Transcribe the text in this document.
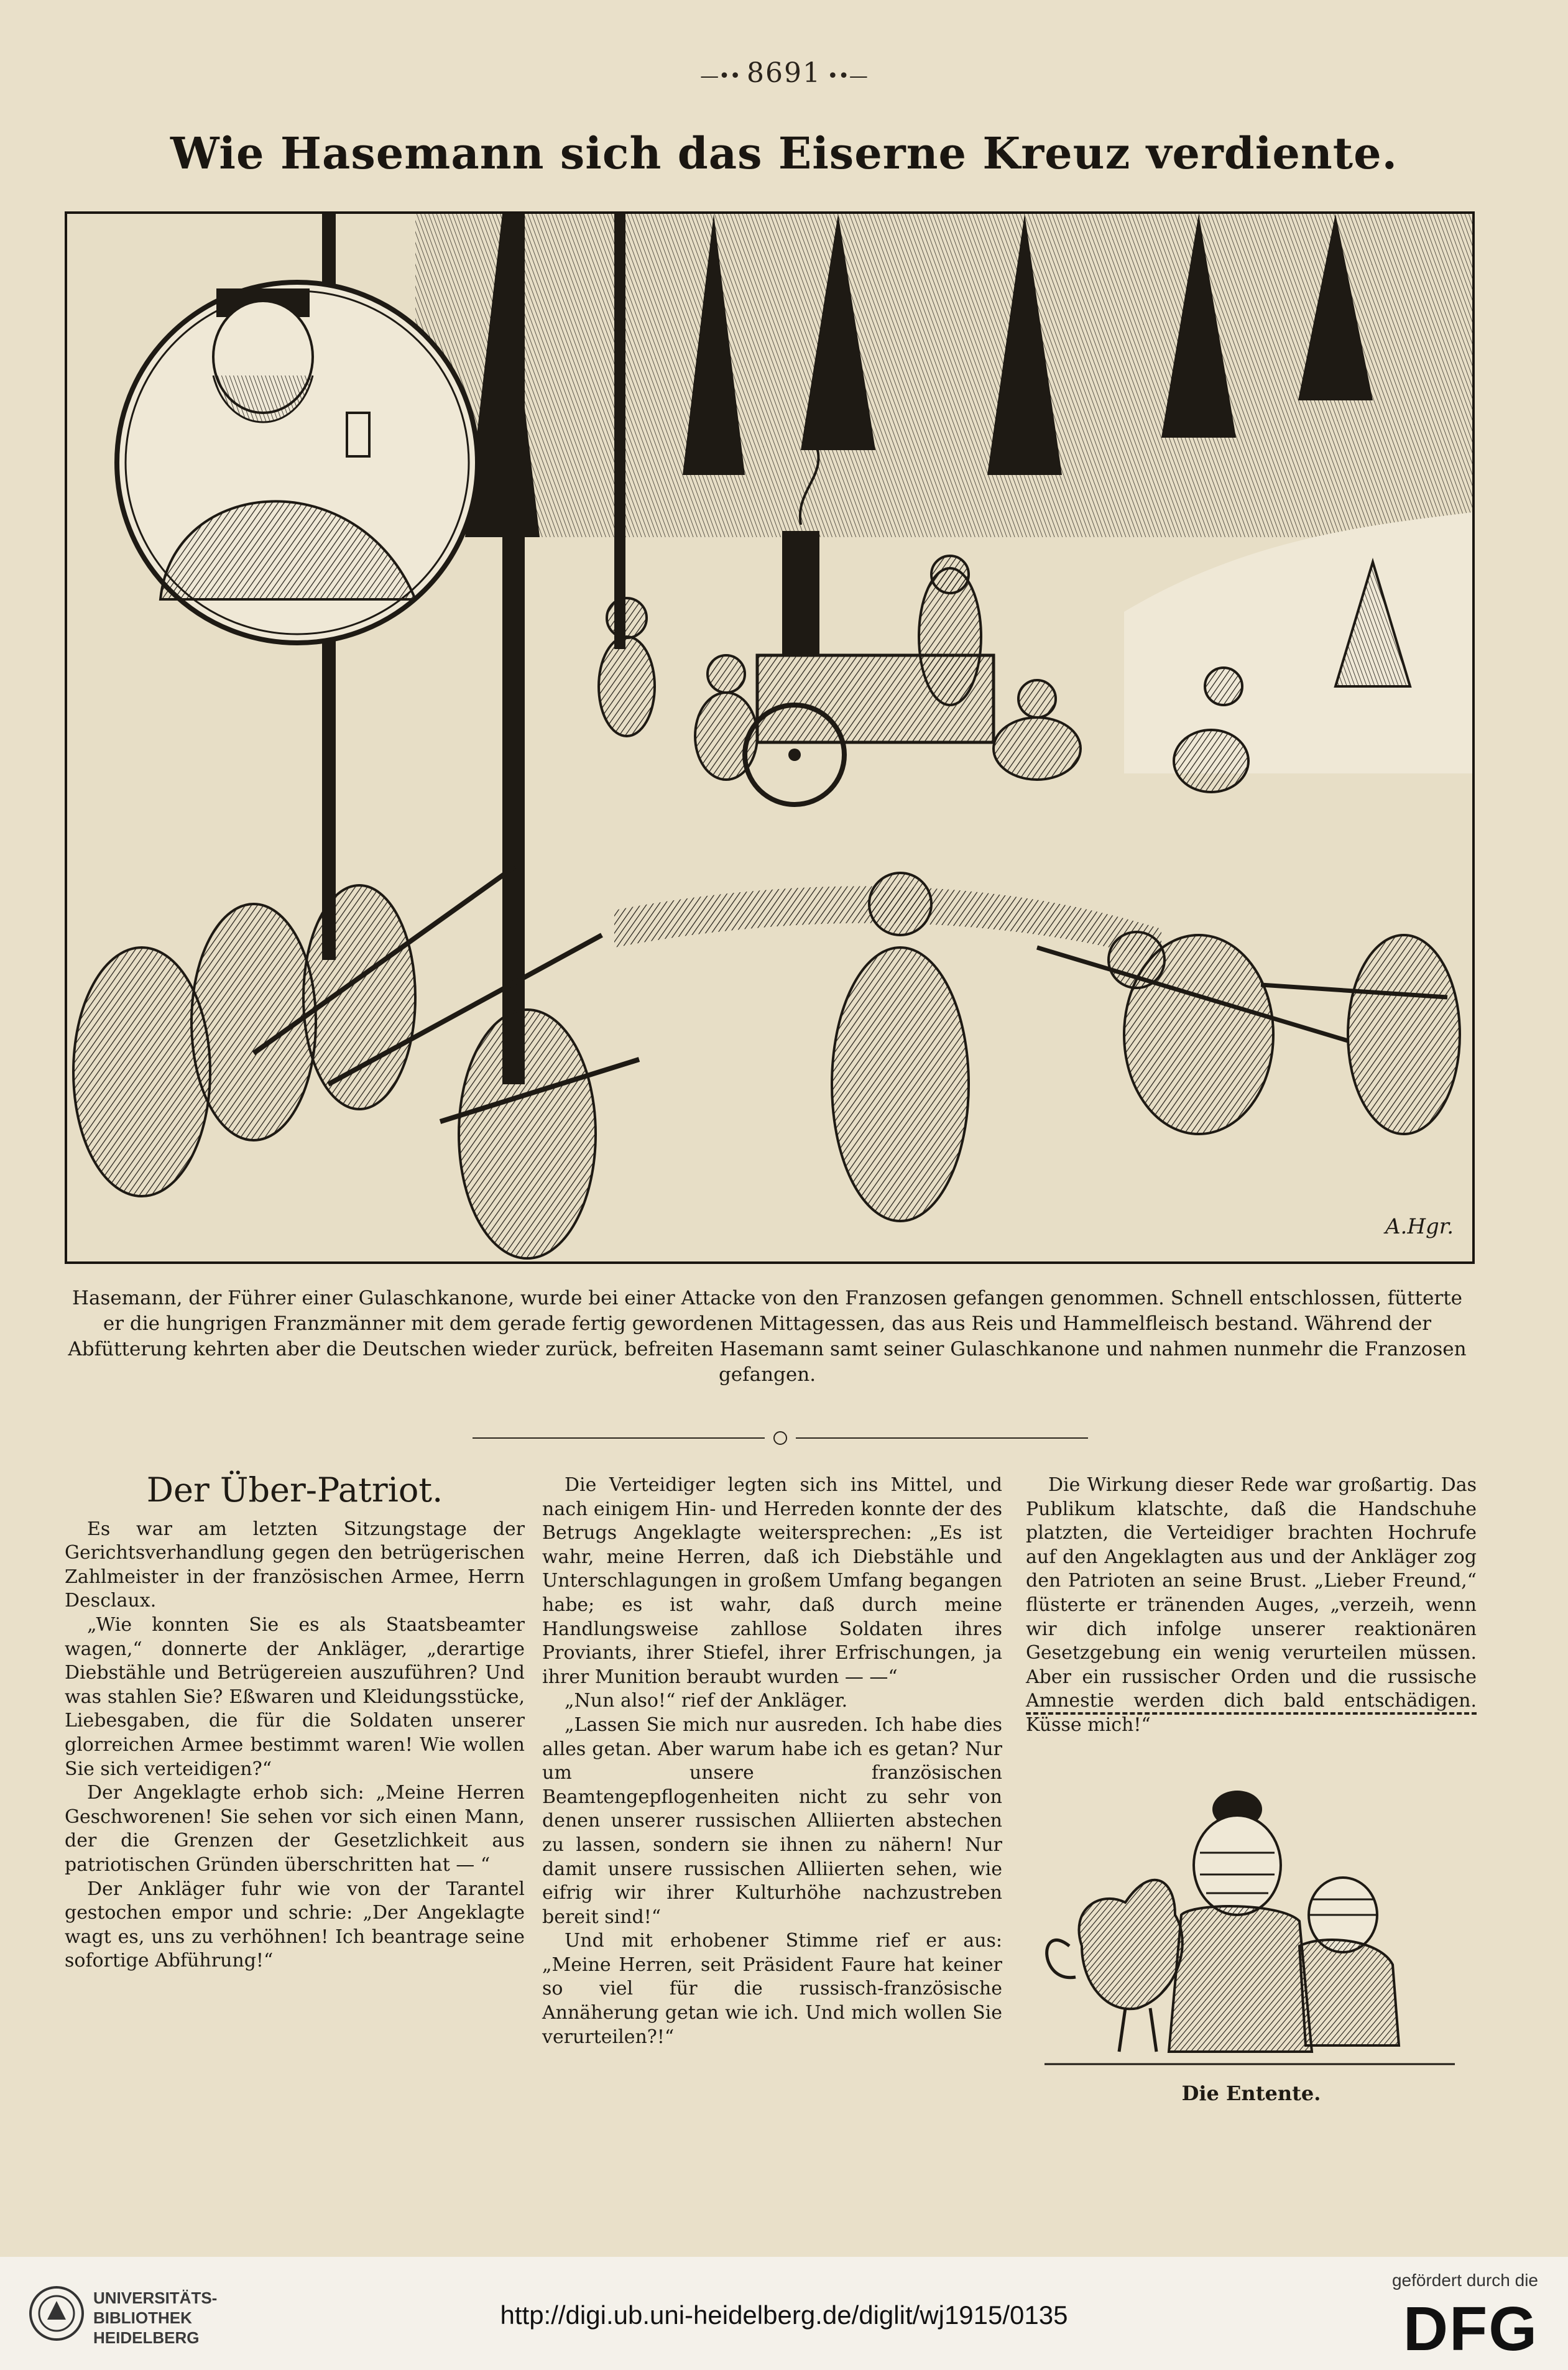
—•• 8691 ••—
Wie Hasemann sich das Eiserne Kreuz verdiente.
A.Hgr.
Hasemann, der Führer einer Gulaschkanone, wurde bei einer Attacke von den Franzosen gefangen genommen. Schnell entschlossen, fütterte er die hungrigen Franzmänner mit dem gerade fertig gewordenen Mittagessen, das aus Reis und Hammelfleisch bestand. Während der Abfütterung kehrten aber die Deutschen wieder zurück, befreiten Hasemann samt seiner Gulaschkanone und nahmen nunmehr die Franzosen gefangen.
Der Über-Patriot.

Es war am letzten Sitzungstage der Gerichtsverhandlung gegen den betrügerischen Zahlmeister in der französischen Armee, Herrn Desclaux.

„Wie konnten Sie es als Staatsbeamter wagen,“ donnerte der Ankläger, „derartige Diebstähle und Betrügereien auszuführen? Und was stahlen Sie? Eßwaren und Kleidungsstücke, Liebesgaben, die für die Soldaten unserer glorreichen Armee bestimmt waren! Wie wollen Sie sich verteidigen?“

Der Angeklagte erhob sich: „Meine Herren Geschworenen! Sie sehen vor sich einen Mann, der die Grenzen der Gesetzlichkeit aus patriotischen Gründen überschritten hat — “

Der Ankläger fuhr wie von der Tarantel gestochen empor und schrie: „Der Angeklagte wagt es, uns zu verhöhnen! Ich beantrage seine sofortige Abführung!“

Die Verteidiger legten sich ins Mittel, und nach einigem Hin- und Herreden konnte der des Betrugs Angeklagte weitersprechen: „Es ist wahr, meine Herren, daß ich Diebstähle und Unterschlagungen in großem Umfang begangen habe; es ist wahr, daß durch meine Handlungsweise zahllose Soldaten ihres Proviants, ihrer Stiefel, ihrer Erfrischungen, ja ihrer Munition beraubt wurden — —“

„Nun also!“ rief der Ankläger.

„Lassen Sie mich nur ausreden. Ich habe dies alles getan. Aber warum habe ich es getan? Nur um unsere französischen Beamtengepflogenheiten nicht zu sehr von denen unserer russischen Alliierten abstechen zu lassen, sondern sie ihnen zu nähern! Nur damit unsere russischen Alliierten sehen, wie eifrig wir ihrer Kulturhöhe nachzustreben bereit sind!“

Und mit erhobener Stimme rief er aus: „Meine Herren, seit Präsident Faure hat keiner so viel für die russisch-französische Annäherung getan wie ich. Und mich wollen Sie verurteilen?!“

Die Wirkung dieser Rede war großartig. Das Publikum klatschte, daß die Handschuhe platzten, die Verteidiger brachten Hochrufe auf den Angeklagten aus und der Ankläger zog den Patrioten an seine Brust. „Lieber Freund,“ flüsterte er tränenden Auges, „verzeih, wenn wir dich infolge unserer reaktionären Gesetzgebung ein wenig verurteilen müssen. Aber ein russischer Orden und die russische Amnestie werden dich bald entschädigen. Küsse mich!“

Die Entente.
UNIVERSITÄTS-
BIBLIOTHEK
HEIDELBERG
http://digi.ub.uni-heidelberg.de/diglit/wj1915/0135
gefördert durch die
DFG
